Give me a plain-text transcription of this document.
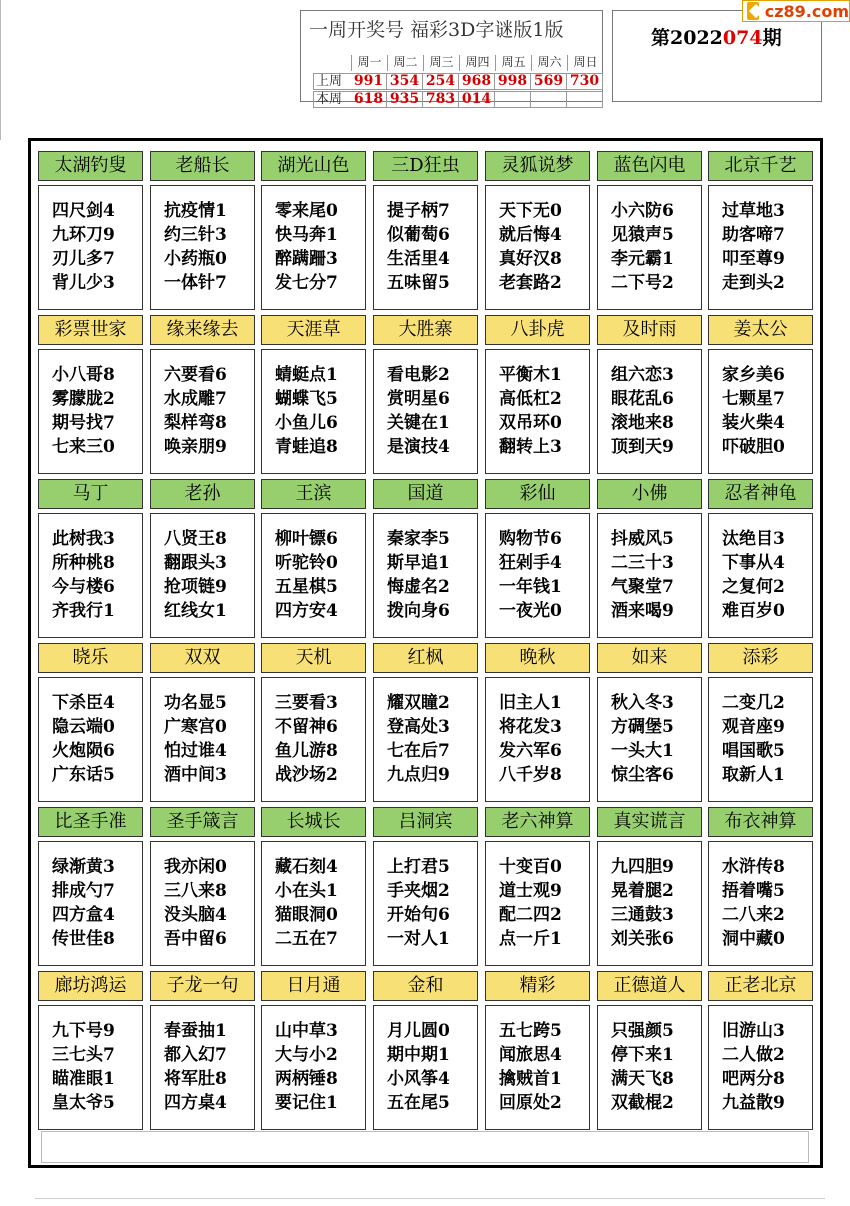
一周开奖号 福彩3D字谜版1版
周一 周二 周三 周四 周五 周六 周日
上周 991 354 254 968 998 569 730
本周 618 935 783 014
第2022074期
cz89.com
太湖钓叟
四尺剑4
九环刀9
刃儿多7
背儿少3
老船长
抗疫情1
约三针3
小药瓶0
一体针7
湖光山色
零来尾0
快马奔1
醉蹒跚3
发七分7
三D狂虫
提子柄7
似葡萄6
生活里4
五味留5
灵狐说梦
天下无0
就后悔4
真好汉8
老套路2
蓝色闪电
小六防6
见猿声5
李元霸1
二下号2
北京千艺
过草地3
助客啼7
叩至尊9
走到头2
彩票世家
小八哥8
雾朦胧2
期号找7
七来三0
缘来缘去
六要看6
水成雕7
梨样弯8
唤亲朋9
天涯草
蜻蜓点1
蝴蝶飞5
小鱼儿6
青蛙追8
大胜寨
看电影2
赏明星6
关键在1
是演技4
八卦虎
平衡木1
高低杠2
双吊环0
翻转上3
及时雨
组六恋3
眼花乱6
滚地来8
顶到天9
姜太公
家乡美6
七颗星7
装火柴4
吓破胆0
马丁
此树我3
所种桃8
今与楼6
齐我行1
老孙
八贤王8
翻跟头3
抢项链9
红线女1
王滨
柳叶镖6
听驼铃0
五星棋5
四方安4
国道
秦家李5
斯早追1
悔虚名2
拨向身6
彩仙
购物节6
狂剁手4
一年钱1
一夜光0
小佛
抖威风5
二三十3
气聚堂7
酒来喝9
忍者神龟
汰绝目3
下事从4
之复何2
难百岁0
晓乐
下杀臣4
隐云端0
火炮陨6
广东话5
双双
功名显5
广寒宫0
怕过谁4
酒中间3
天机
三要看3
不留神6
鱼儿游8
战沙场2
红枫
耀双瞳2
登高处3
七在后7
九点归9
晚秋
旧主人1
将花发3
发六军6
八千岁8
如来
秋入冬3
方碉堡5
一头大1
惊尘客6
添彩
二变几2
观音座9
唱国歌5
取新人1
比圣手准
绿渐黄3
排成勺7
四方盒4
传世佳8
圣手箴言
我亦闲0
三八来8
没头脑4
吾中留6
长城长
藏石刻4
小在头1
猫眼洞0
二五在7
吕洞宾
上打君5
手夹烟2
开始句6
一对人1
老六神算
十变百0
道士观9
配二四2
点一斤1
真实谎言
九四胆9
晃着腿2
三通鼓3
刘关张6
布衣神算
水浒传8
捂着嘴5
二八来2
洞中藏0
廊坊鸿运
九下号9
三七头7
瞄准眼1
皇太爷5
子龙一句
春蚕抽1
都入幻7
将军肚8
四方桌4
日月通
山中草3
大与小2
两柄锤8
要记住1
金和
月儿圆0
期中期1
小风筝4
五在尾5
精彩
五七跨5
闻旅思4
擒贼首1
回原处2
正德道人
只强颜5
停下来1
满天飞8
双截棍2
正老北京
旧游山3
二人做2
吧两分8
九益散9
